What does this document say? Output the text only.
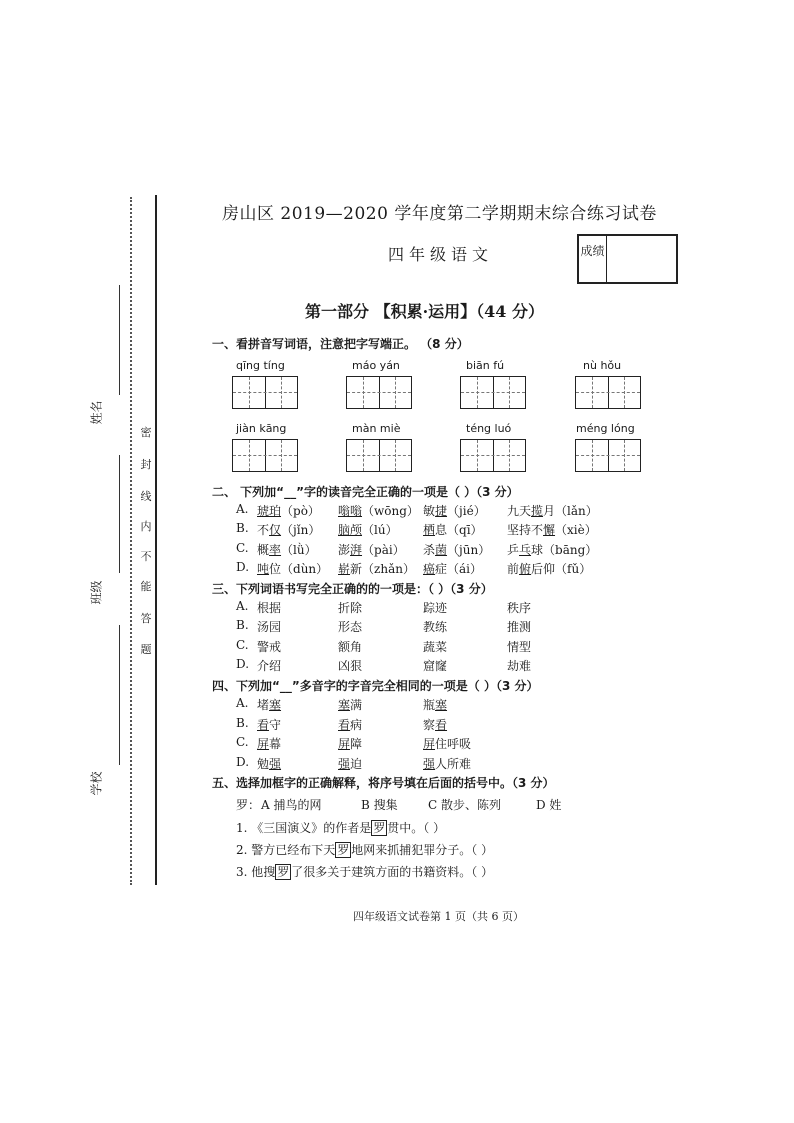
姓名
班级
学校
密
封
线
内
不
能
答
题
房山区 2019—2020 学年度第二学期期末综合练习试卷
四年级语文	成绩
第一部分 【积累·运用】（44 分）
一、看拼音写词语，注意把字写端正。 （8 分）
qīng tíng	máo yán	biān fú	nù hǒu
jiàn kāng	màn miè	téng luó	méng lóng
二、 下列加“__”字的读音完全正确的一项是（ ）（3 分）
A. 琥珀（pò） 嗡嗡（wōng） 敏捷（jié） 九天揽月（lǎn）
B. 不仅（jǐn） 脑颅（lú） 栖息（qī） 坚持不懈（xiè）
C. 概率（lǜ） 澎湃（pài） 杀菌（jūn） 乒乓球（bāng）
D. 吨位（dùn） 崭新（zhǎn） 癌症（ái） 前俯后仰（fǔ）
三、下列词语书写完全正确的的一项是：（ ）（3 分）
A. 根据	折除	踪迹	秩序
B. 汤园	形态	教练	推测
C. 警戒	额角	蔬菜	情型
D. 介绍	凶狠	窟窿	劫难
四、下列加“__”多音字的字音完全相同的一项是（ ）（3 分）
A. 堵塞	塞满	瓶塞
B. 看守	看病	察看
C. 屏幕	屏障	屏住呼吸
D. 勉强	强迫	强人所难
五、选择加框字的正确解释，将序号填在后面的括号中。（3 分）
罗： A 捕鸟的网	B 搜集	C 散步、陈列	D 姓
1. 《三国演义》的作者是 罗 贯中。（ ）
2. 警方已经布下天 罗 地网来抓捕犯罪分子。（ ）
3. 他搜 罗 了很多关于建筑方面的书籍资料。（ ）
四年级语文试卷第 1 页（共 6 页）
